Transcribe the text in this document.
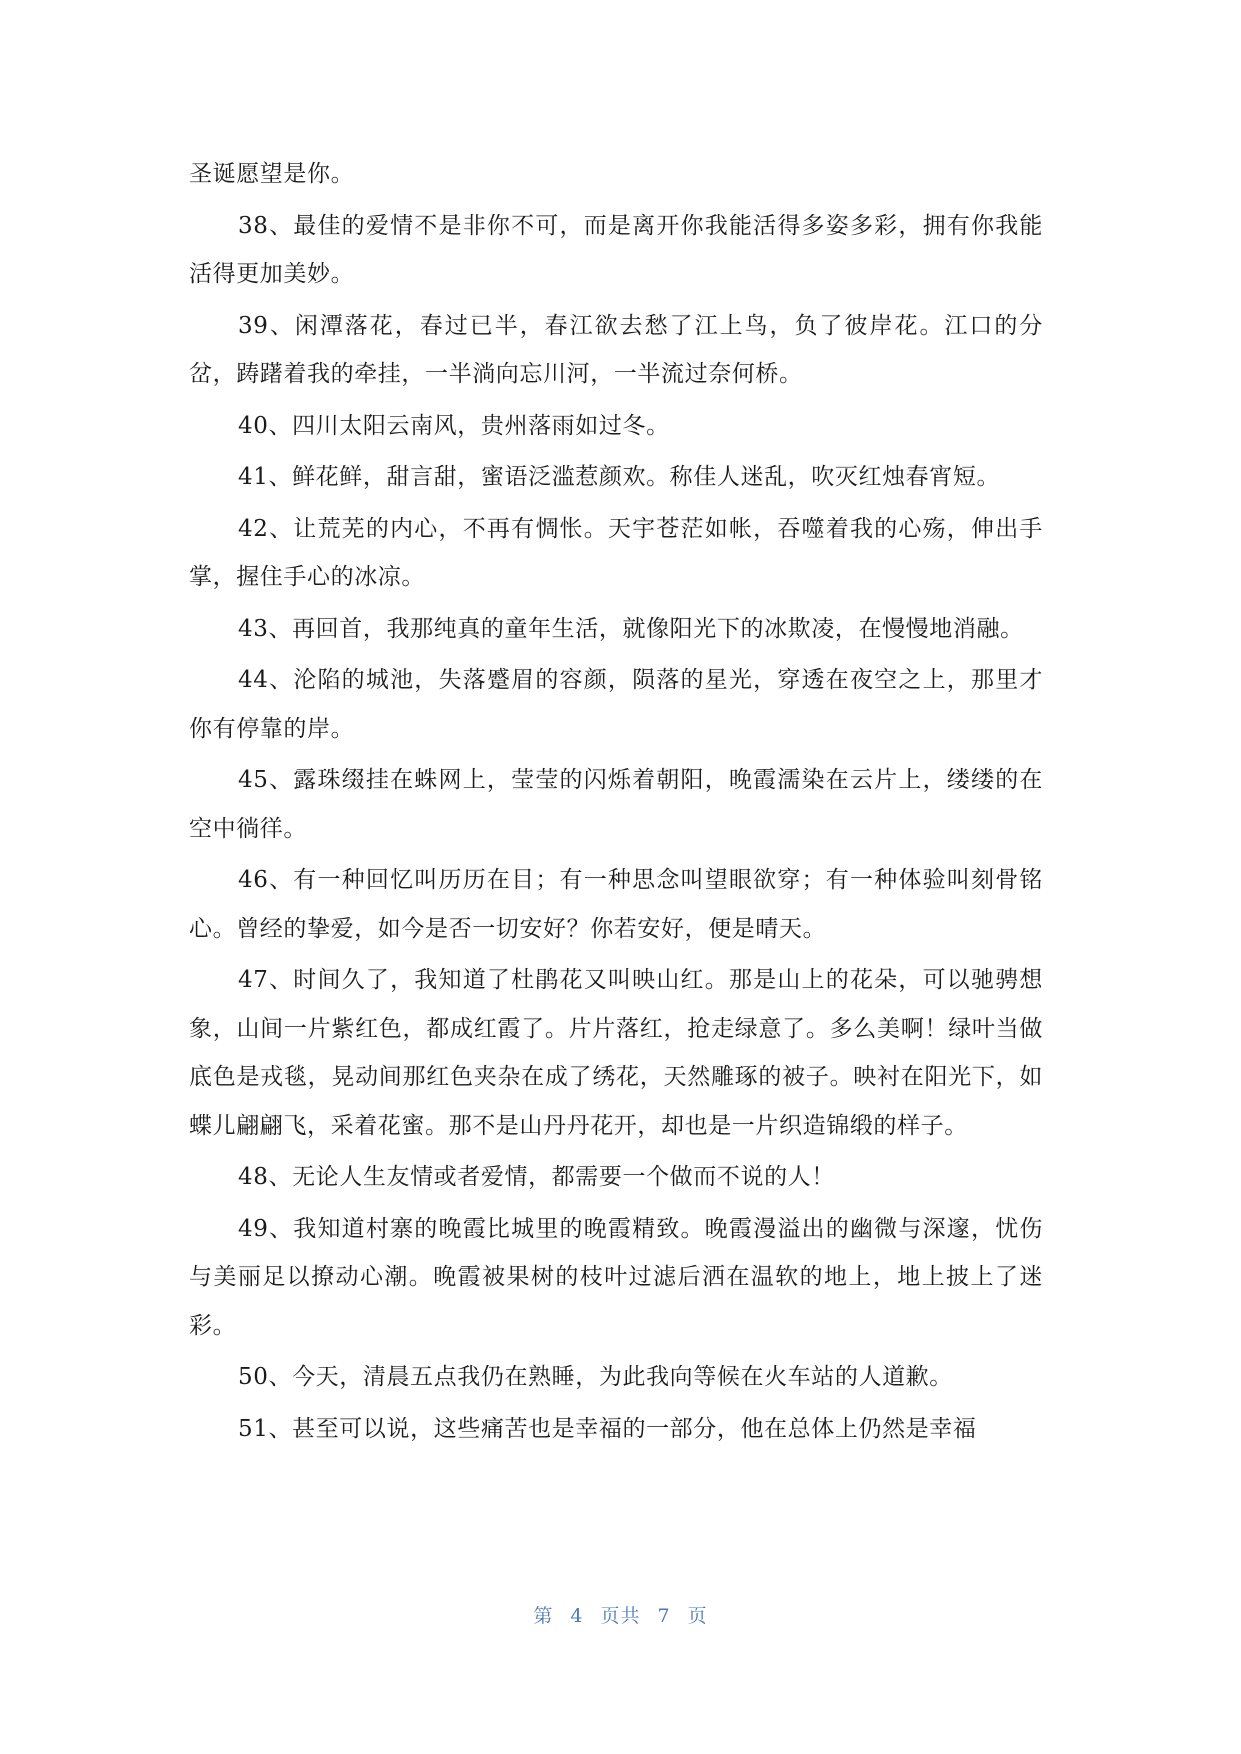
圣诞愿望是你。

38、最佳的爱情不是非你不可，而是离开你我能活得多姿多彩，拥有你我能活得更加美妙。

39、闲潭落花，春过已半，春江欲去愁了江上鸟，负了彼岸花。江口的分岔，踌躇着我的牵挂，一半淌向忘川河，一半流过奈何桥。

40、四川太阳云南风，贵州落雨如过冬。

41、鲜花鲜，甜言甜，蜜语泛滥惹颜欢。称佳人迷乱，吹灭红烛春宵短。

42、让荒芜的内心，不再有惆怅。天宇苍茫如帐，吞噬着我的心殇，伸出手掌，握住手心的冰凉。

43、再回首，我那纯真的童年生活，就像阳光下的冰欺凌，在慢慢地消融。

44、沦陷的城池，失落蹙眉的容颜，陨落的星光，穿透在夜空之上，那里才你有停靠的岸。

45、露珠缀挂在蛛网上，莹莹的闪烁着朝阳，晚霞濡染在云片上，缕缕的在空中徜徉。

46、有一种回忆叫历历在目；有一种思念叫望眼欲穿；有一种体验叫刻骨铭心。曾经的挚爱，如今是否一切安好？你若安好，便是晴天。

47、时间久了，我知道了杜鹃花又叫映山红。那是山上的花朵，可以驰骋想象，山间一片紫红色，都成红霞了。片片落红，抢走绿意了。多么美啊！绿叶当做底色是戎毯，晃动间那红色夹杂在成了绣花，天然雕琢的被子。映衬在阳光下，如蝶儿翩翩飞，采着花蜜。那不是山丹丹花开，却也是一片织造锦缎的样子。

48、无论人生友情或者爱情，都需要一个做而不说的人！

49、我知道村寨的晚霞比城里的晚霞精致。晚霞漫溢出的幽微与深邃，忧伤与美丽足以撩动心潮。晚霞被果树的枝叶过滤后洒在温软的地上，地上披上了迷彩。

50、今天，清晨五点我仍在熟睡，为此我向等候在火车站的人道歉。

51、甚至可以说，这些痛苦也是幸福的一部分，他在总体上仍然是幸福

第 4 页共 7 页
